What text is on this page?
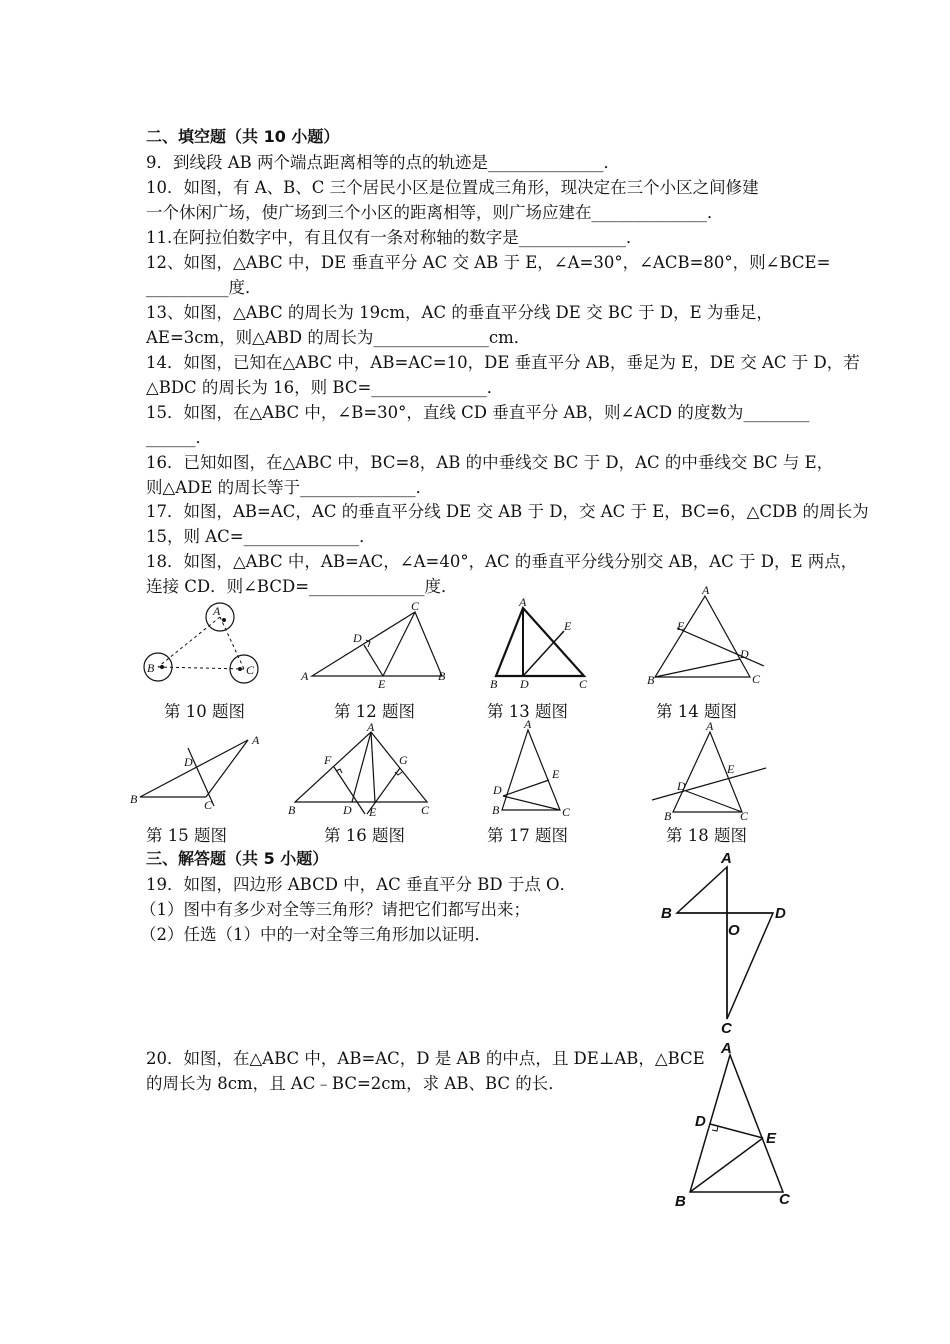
二、填空题（共 10 小题）
9．到线段 AB 两个端点距离相等的点的轨迹是______________．
10．如图，有 A、B、C 三个居民小区是位置成三角形，现决定在三个小区之间修建
一个休闲广场，使广场到三个小区的距离相等，则广场应建在______________．
11.在阿拉伯数字中，有且仅有一条对称轴的数字是_____________．
12、如图，△ABC 中，DE 垂直平分 AC 交 AB 于 E，∠A=30°，∠ACB=80°，则∠BCE=
__________度．
13、如图，△ABC 的周长为 19cm，AC 的垂直平分线 DE 交 BC 于 D，E 为垂足，
AE=3cm，则△ABD 的周长为______________cm．
14．如图，已知在△ABC 中，AB=AC=10，DE 垂直平分 AB，垂足为 E，DE 交 AC 于 D，若
△BDC 的周长为 16，则 BC=______________．
15．如图，在△ABC 中，∠B=30°，直线 CD 垂直平分 AB，则∠ACD 的度数为________
______．
16．已知如图，在△ABC 中，BC=8，AB 的中垂线交 BC 于 D，AC 的中垂线交 BC 与 E，
则△ADE 的周长等于______________．
17．如图，AB=AC，AC 的垂直平分线 DE 交 AB 于 D，交 AC 于 E，BC=6，△CDB 的周长为
15，则 AC=______________．
18．如图，△ABC 中，AB=AC，∠A=40°，AC 的垂直平分线分别交 AB，AC 于 D，E 两点，
连接 CD．则∠BCD=______________度．
A
B	C
C
D
A
E
B
A
E
B D	C
A
E
D
B	C
A
D
B	C
A
F	G
B	D E	C
A
E
D
B	C
A
E
D
B	C
第 10 题图	第 12 题图	第 13 题图	第 14 题图
第 15 题图	第 16 题图	第 17 题图	第 18 题图
三、解答题（共 5 小题）
19．如图，四边形 ABCD 中，AC 垂直平分 BD 于点 O．
（1）图中有多少对全等三角形？请把它们都写出来；
（2）任选（1）中的一对全等三角形加以证明．
A
B	D
O
C
20．如图，在△ABC 中，AB=AC，D 是 AB 的中点，且 DE⊥AB，△BCE
的周长为 8cm，且 AC﹣BC=2cm，求 AB、BC 的长．
A
D
E
B	C
